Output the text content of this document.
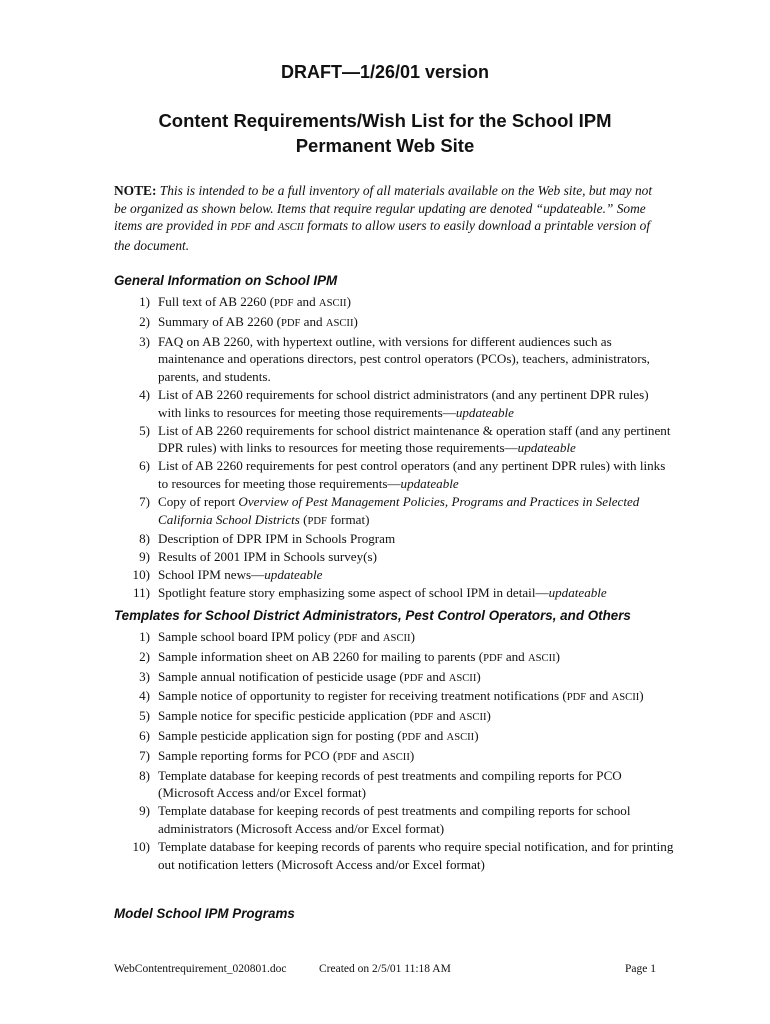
DRAFT—1/26/01 version
Content Requirements/Wish List for the School IPM
Permanent Web Site
NOTE: This is intended to be a full inventory of all materials available on the Web site, but may not be organized as shown below. Items that require regular updating are denoted “updateable.” Some items are provided in PDF and ASCII formats to allow users to easily download a printable version of the document.
General Information on School IPM
1) Full text of AB 2260 (PDF and ASCII)
2) Summary of AB 2260 (PDF and ASCII)
3) FAQ on AB 2260, with hypertext outline, with versions for different audiences such as maintenance and operations directors, pest control operators (PCOs), teachers, administrators, parents, and students.
4) List of AB 2260 requirements for school district administrators (and any pertinent DPR rules) with links to resources for meeting those requirements—updateable
5) List of AB 2260 requirements for school district maintenance & operation staff (and any pertinent DPR rules) with links to resources for meeting those requirements—updateable
6) List of AB 2260 requirements for pest control operators (and any pertinent DPR rules) with links to resources for meeting those requirements—updateable
7) Copy of report Overview of Pest Management Policies, Programs and Practices in Selected California School Districts (PDF format)
8) Description of DPR IPM in Schools Program
9) Results of 2001 IPM in Schools survey(s)
10) School IPM news—updateable
11) Spotlight feature story emphasizing some aspect of school IPM in detail—updateable
Templates for School District Administrators, Pest Control Operators, and Others
1) Sample school board IPM policy (PDF and ASCII)
2) Sample information sheet on AB 2260 for mailing to parents (PDF and ASCII)
3) Sample annual notification of pesticide usage (PDF and ASCII)
4) Sample notice of opportunity to register for receiving treatment notifications (PDF and ASCII)
5) Sample notice for specific pesticide application (PDF and ASCII)
6) Sample pesticide application sign for posting (PDF and ASCII)
7) Sample reporting forms for PCO (PDF and ASCII)
8) Template database for keeping records of pest treatments and compiling reports for PCO (Microsoft Access and/or Excel format)
9) Template database for keeping records of pest treatments and compiling reports for school administrators (Microsoft Access and/or Excel format)
10) Template database for keeping records of parents who require special notification, and for printing out notification letters (Microsoft Access and/or Excel format)
Model School IPM Programs
WebContentrequirement_020801.doc	Created on 2/5/01 11:18 AM	Page 1
